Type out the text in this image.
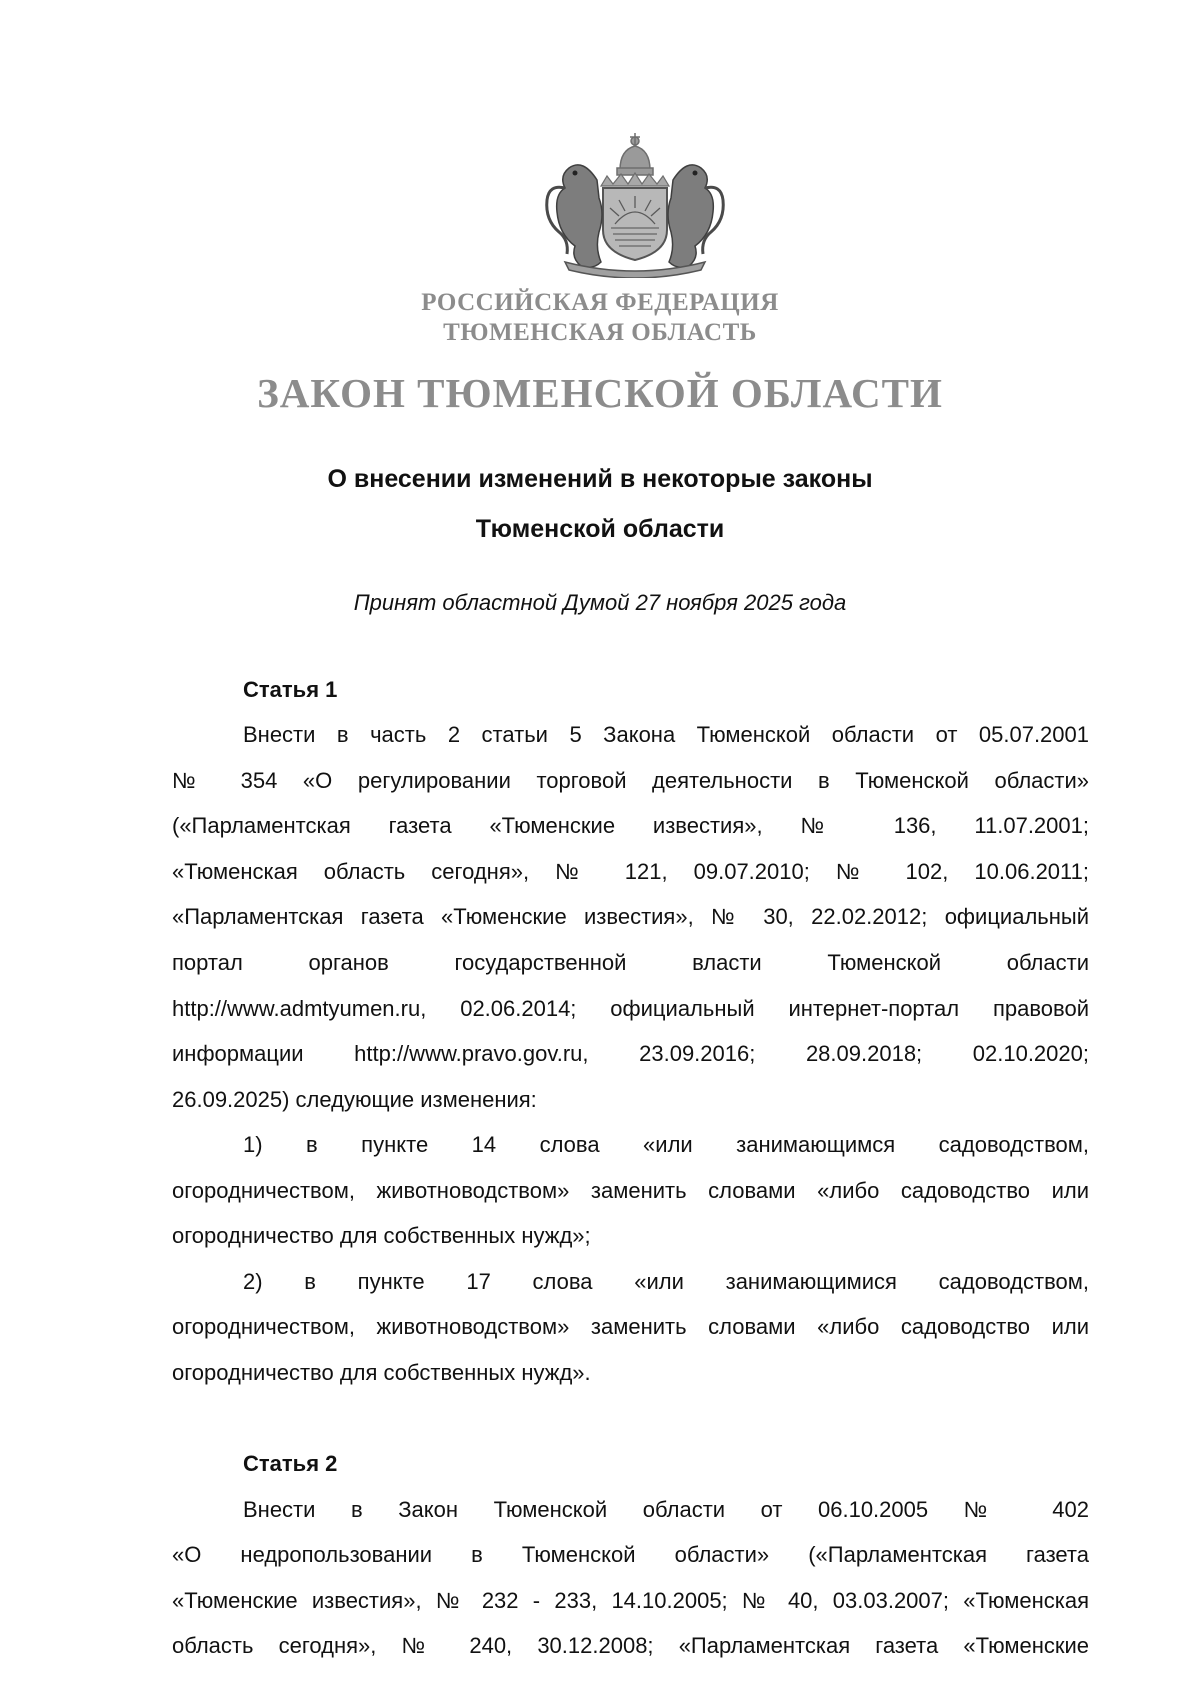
РОССИЙСКАЯ ФЕДЕРАЦИЯ
ТЮМЕНСКАЯ ОБЛАСТЬ
ЗАКОН ТЮМЕНСКОЙ ОБЛАСТИ
О внесении изменений в некоторые законы
Тюменской области
Принят областной Думой 27 ноября 2025 года
Статья 1
Внести в часть 2 статьи 5 Закона Тюменской области от 05.07.2001
№ 354 «О регулировании торговой деятельности в Тюменской области»
(«Парламентская газета «Тюменские известия», № 136, 11.07.2001;
«Тюменская область сегодня», № 121, 09.07.2010; № 102, 10.06.2011;
«Парламентская газета «Тюменские известия», № 30, 22.02.2012; официальный
портал органов государственной власти Тюменской области
http://www.admtyumen.ru, 02.06.2014; официальный интернет-портал правовой
информации http://www.pravo.gov.ru, 23.09.2016; 28.09.2018; 02.10.2020;
26.09.2025) следующие изменения:
1) в пункте 14 слова «или занимающимся садоводством,
огородничеством, животноводством» заменить словами «либо садоводство или
огородничество для собственных нужд»;
2) в пункте 17 слова «или занимающимися садоводством,
огородничеством, животноводством» заменить словами «либо садоводство или
огородничество для собственных нужд».
Статья 2
Внести в Закон Тюменской области от 06.10.2005 № 402
«О недропользовании в Тюменской области» («Парламентская газета
«Тюменские известия», № 232 - 233, 14.10.2005; № 40, 03.03.2007; «Тюменская
область сегодня», № 240, 30.12.2008; «Парламентская газета «Тюменские
